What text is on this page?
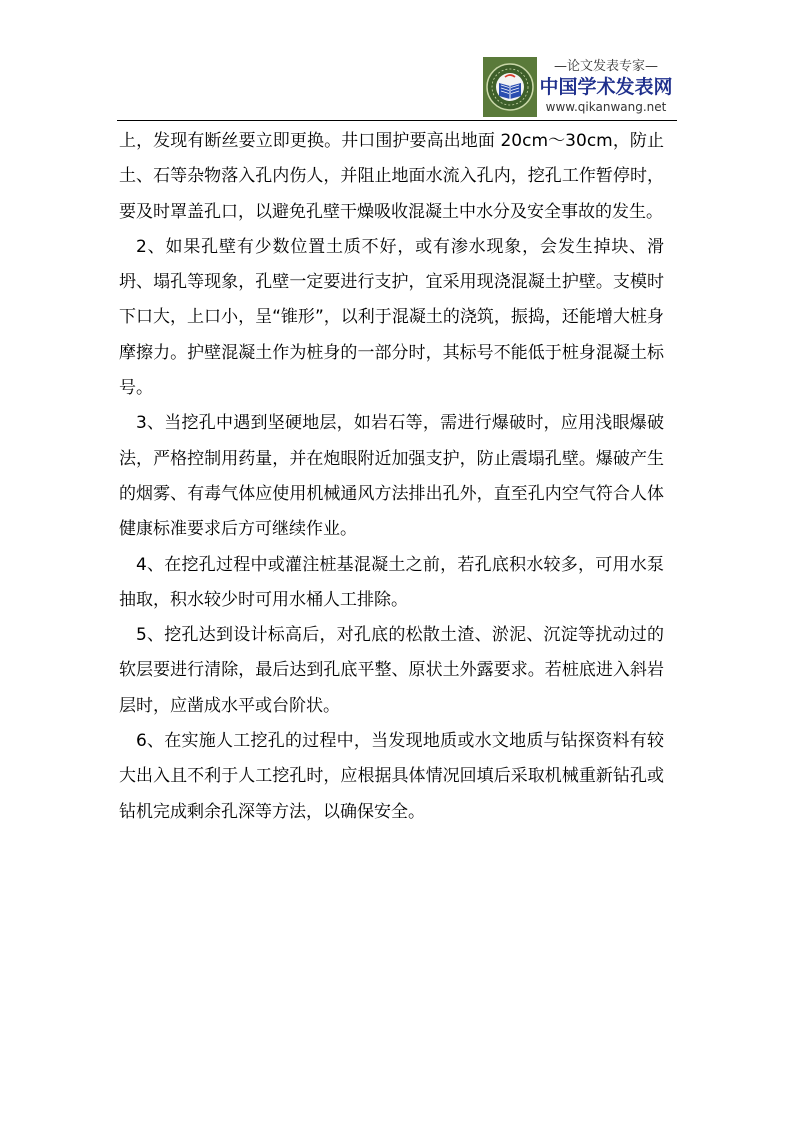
—论文发表专家—
中国学术发表网
www.qikanwang.net

上，发现有断丝要立即更换。井口围护要高出地面 20cm～30cm，防止土、石等杂物落入孔内伤人，并阻止地面水流入孔内，挖孔工作暂停时，要及时罩盖孔口，以避免孔壁干燥吸收混凝土中水分及安全事故的发生。

2、如果孔壁有少数位置土质不好，或有渗水现象，会发生掉块、滑坍、塌孔等现象，孔壁一定要进行支护，宜采用现浇混凝土护壁。支模时下口大，上口小，呈“锥形”，以利于混凝土的浇筑，振捣，还能增大桩身摩擦力。护壁混凝土作为桩身的一部分时，其标号不能低于桩身混凝土标号。

3、当挖孔中遇到坚硬地层，如岩石等，需进行爆破时，应用浅眼爆破法，严格控制用药量，并在炮眼附近加强支护，防止震塌孔壁。爆破产生的烟雾、有毒气体应使用机械通风方法排出孔外，直至孔内空气符合人体健康标准要求后方可继续作业。

4、在挖孔过程中或灌注桩基混凝土之前，若孔底积水较多，可用水泵抽取，积水较少时可用水桶人工排除。

5、挖孔达到设计标高后，对孔底的松散土渣、淤泥、沉淀等扰动过的软层要进行清除，最后达到孔底平整、原状土外露要求。若桩底进入斜岩层时，应凿成水平或台阶状。

6、在实施人工挖孔的过程中，当发现地质或水文地质与钻探资料有较大出入且不利于人工挖孔时，应根据具体情况回填后采取机械重新钻孔或钻机完成剩余孔深等方法，以确保安全。
